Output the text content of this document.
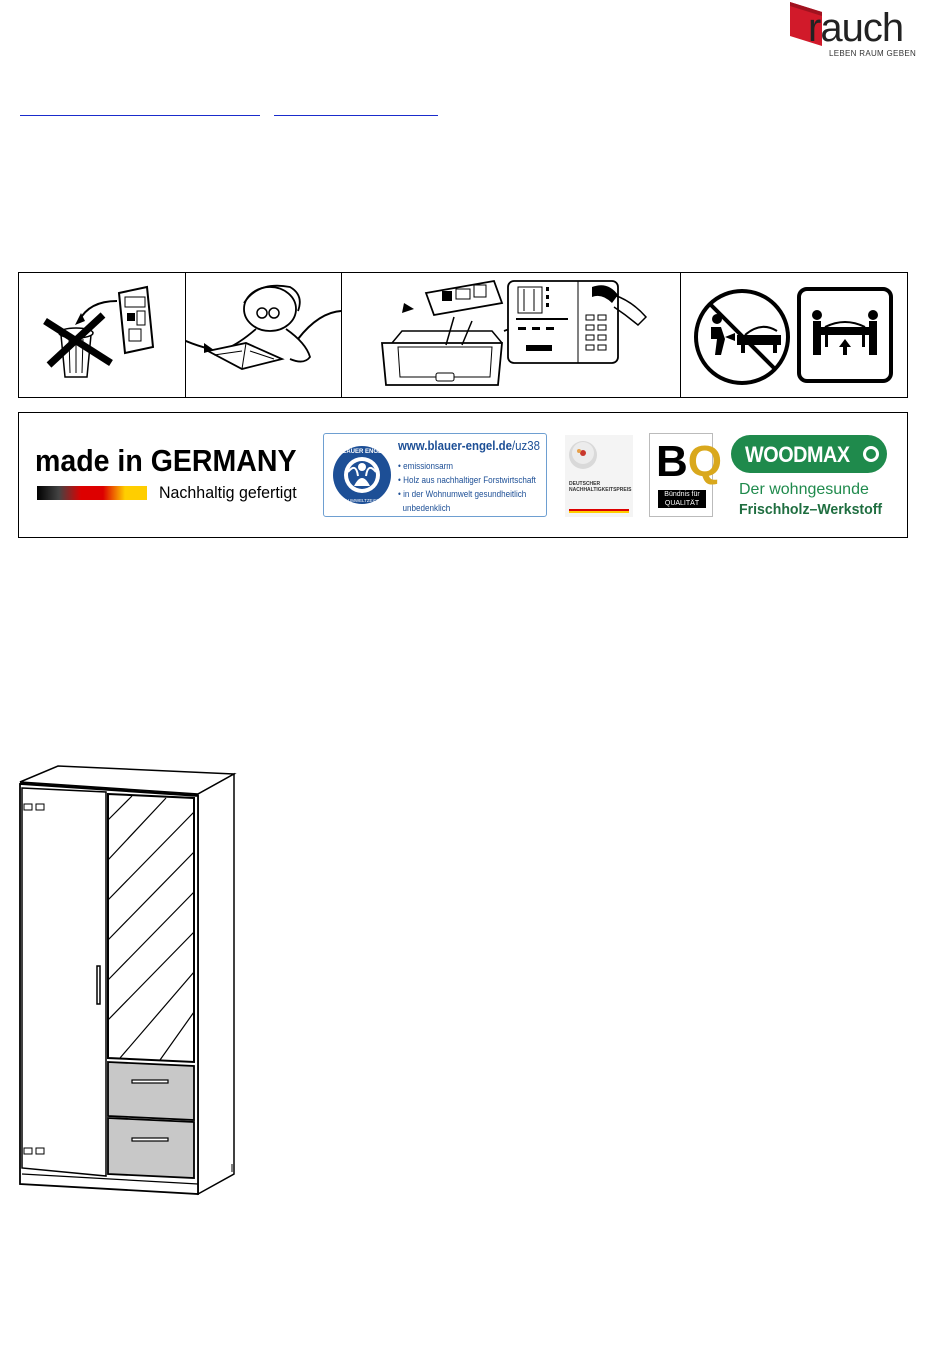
rauch
LEBEN RAUM GEBEN
made in GERMANY
Nachhaltig gefertigt
BLAUER ENGEL
DAS UMWELTZEICHEN
www.blauer-engel.de/uz38
• emissionsarm
• Holz aus nachhaltiger Forstwirtschaft
• in der Wohnumwelt gesundheitlich
unbedenklich
DEUTSCHER
NACHHALTIGKEITSPREIS
BQ
Bündnis für
QUALITÄT
WOODMAX
Der wohngesunde
Frischholz–Werkstoff
